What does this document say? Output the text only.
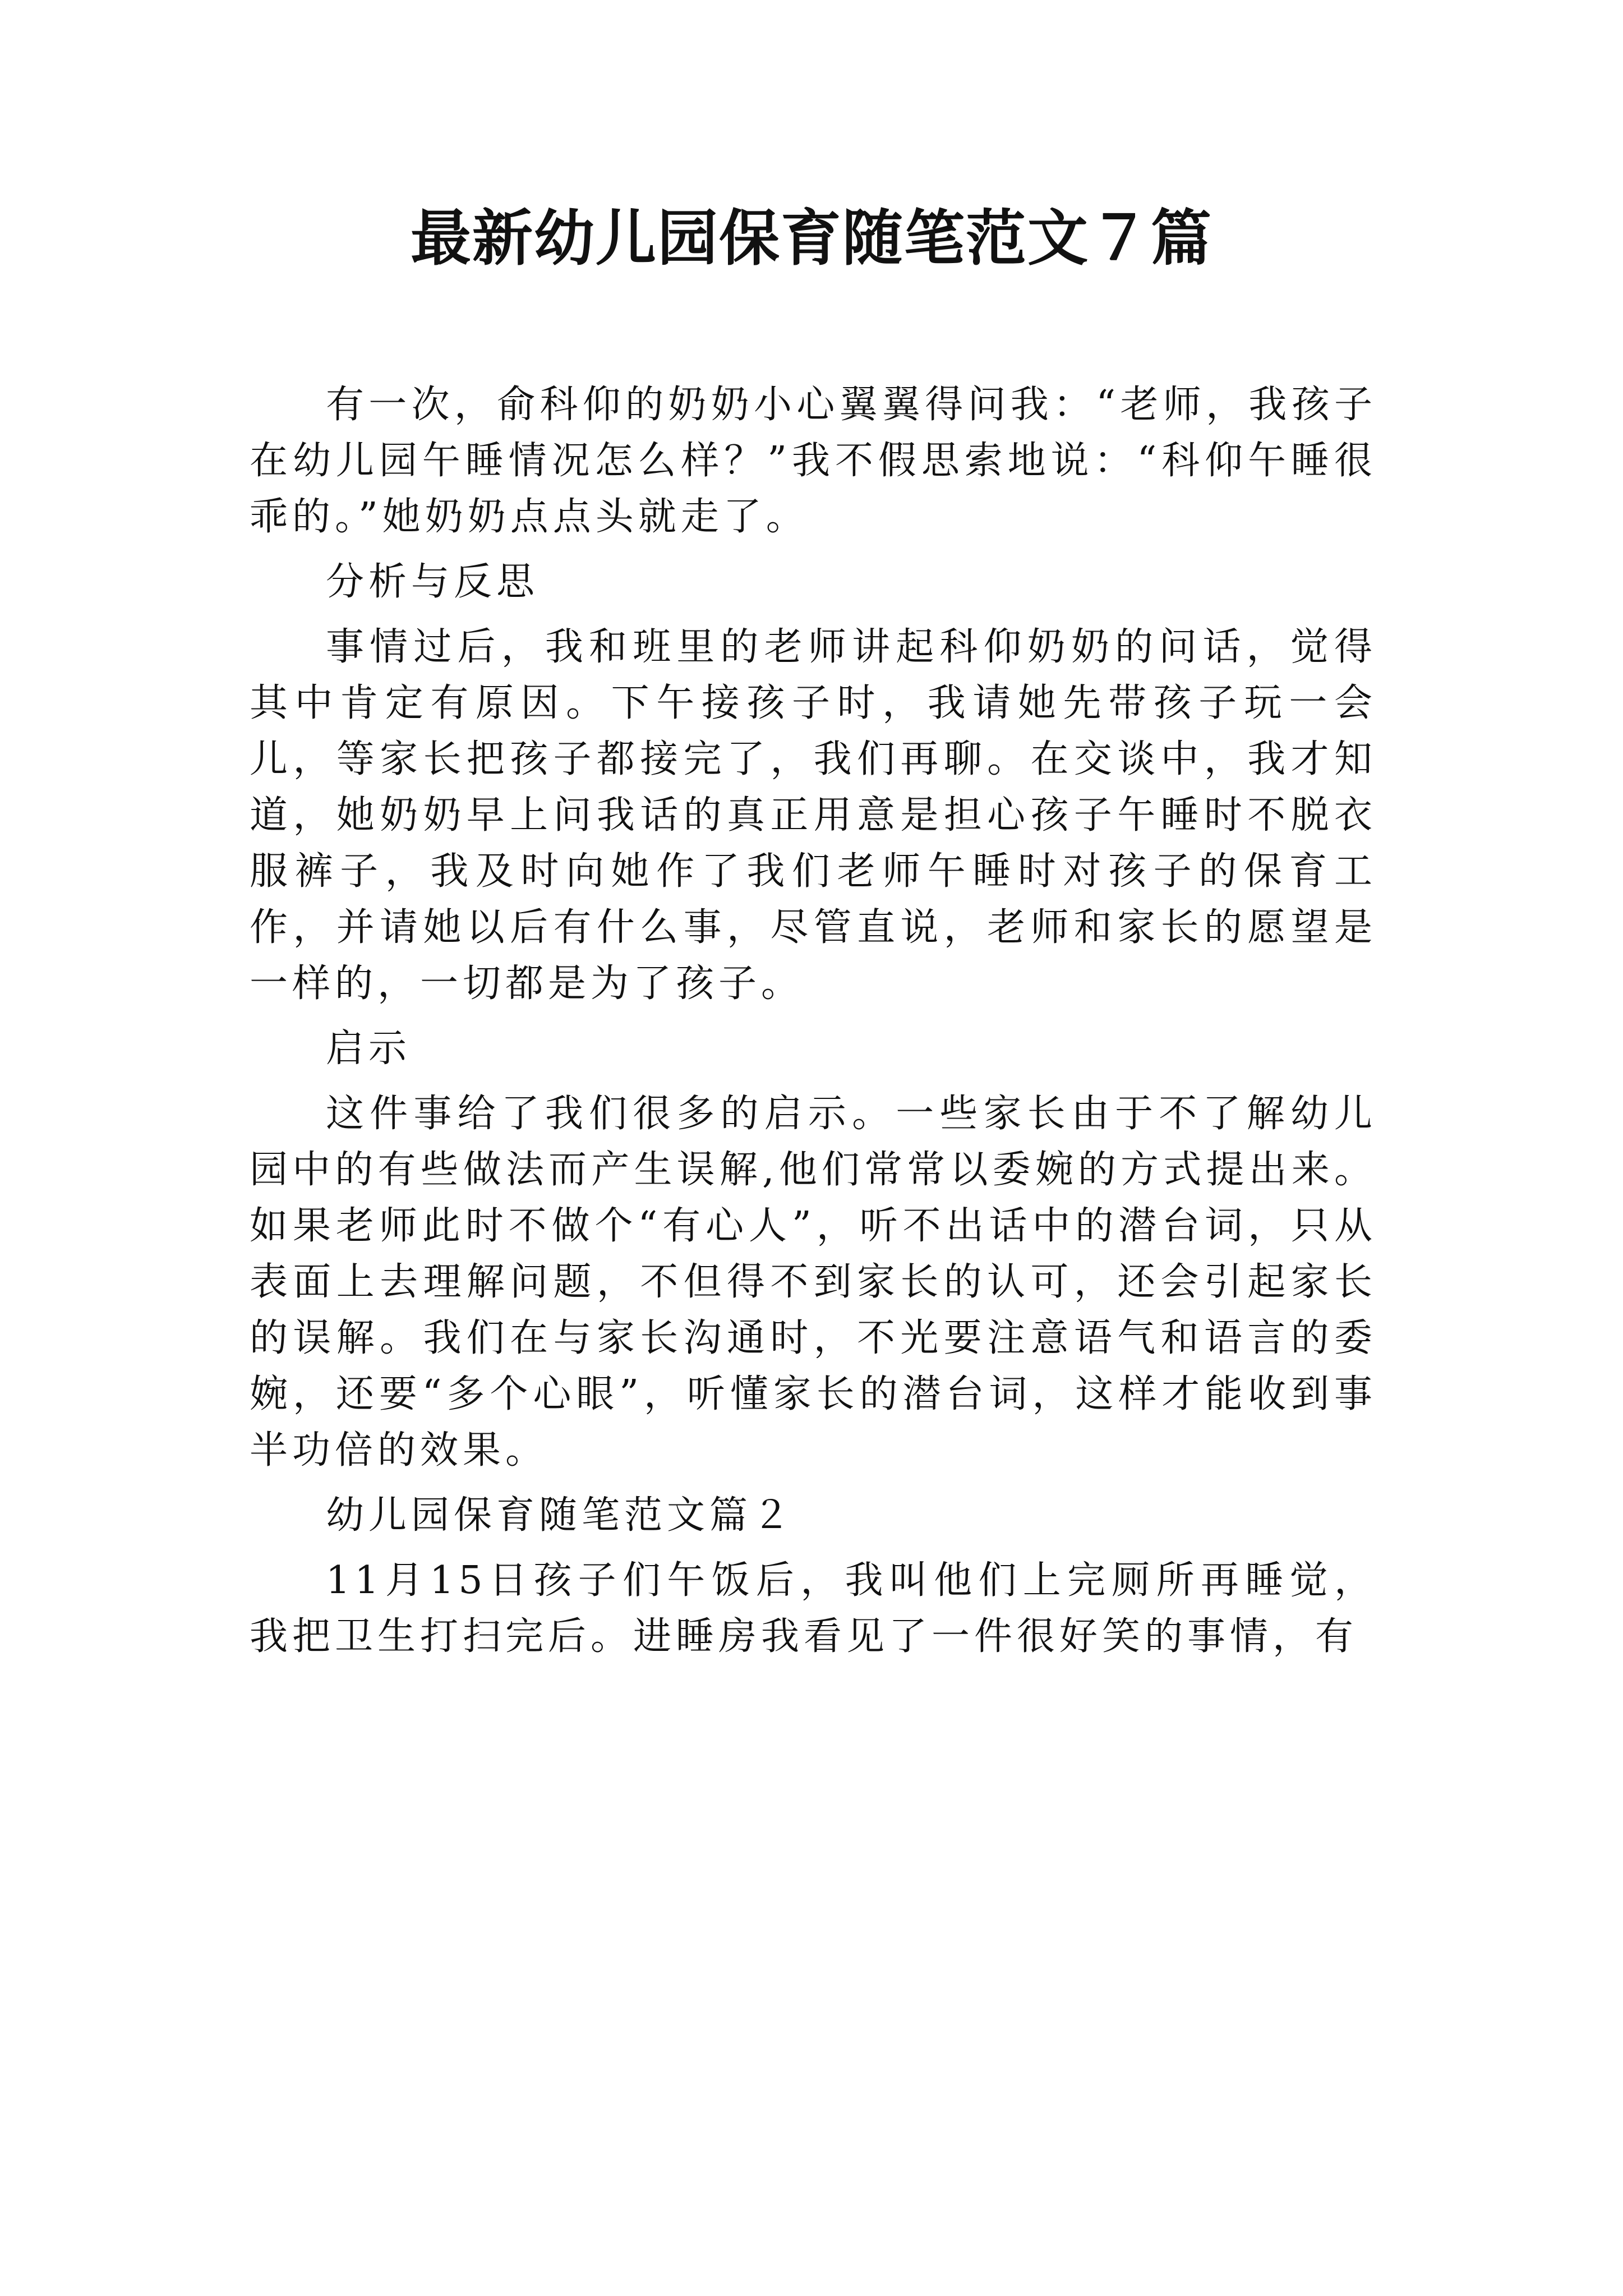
最新幼儿园保育随笔范文７篇

有一次，俞科仰的奶奶小心翼翼得问我：“老师，我孩子在幼儿园午睡情况怎么样？”我不假思索地说：“科仰午睡很乖的。”她奶奶点点头就走了。

分析与反思

事情过后，我和班里的老师讲起科仰奶奶的问话，觉得其中肯定有原因。下午接孩子时，我请她先带孩子玩一会儿，等家长把孩子都接完了，我们再聊。在交谈中，我才知道，她奶奶早上问我话的真正用意是担心孩子午睡时不脱衣服裤子，我及时向她作了我们老师午睡时对孩子的保育工作，并请她以后有什么事，尽管直说，老师和家长的愿望是一样的，一切都是为了孩子。

启示

这件事给了我们很多的启示。一些家长由于不了解幼儿园中的有些做法而产生误解,他们常常以委婉的方式提出来。如果老师此时不做个“有心人”，听不出话中的潜台词，只从表面上去理解问题，不但得不到家长的认可，还会引起家长的误解。我们在与家长沟通时，不光要注意语气和语言的委婉，还要“多个心眼”，听懂家长的潜台词，这样才能收到事半功倍的效果。

幼儿园保育随笔范文篇２

11月15日孩子们午饭后，我叫他们上完厕所再睡觉，我把卫生打扫完后。进睡房我看见了一件很好笑的事情，有
